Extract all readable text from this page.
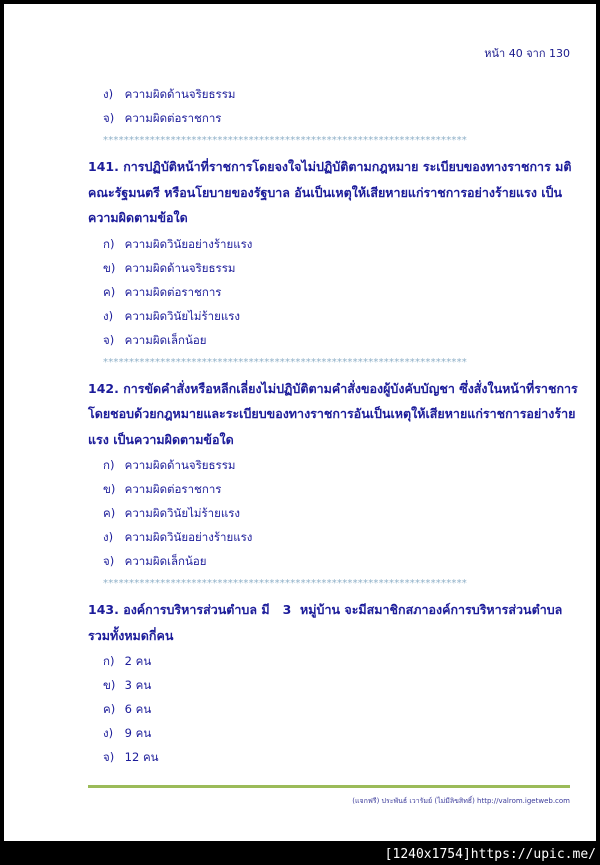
หน้า 40 จาก 130
ง) ความผิดด้านจริยธรรม
จ) ความผิดต่อราชการ
**********************************************************************
141. การปฏิบัติหน้าที่ราชการโดยจงใจไม่ปฏิบัติตามกฎหมาย ระเบียบของทางราชการ มติคณะรัฐมนตรี หรือนโยบายของรัฐบาล อันเป็นเหตุให้เสียหายแก่ราชการอย่างร้ายแรง เป็นความผิดตามข้อใด
ก) ความผิดวินัยอย่างร้ายแรง
ข) ความผิดด้านจริยธรรม
ค) ความผิดต่อราชการ
ง) ความผิดวินัยไม่ร้ายแรง
จ) ความผิดเล็กน้อย
**********************************************************************
142. การขัดคำสั่งหรือหลีกเลี่ยงไม่ปฏิบัติตามคำสั่งของผู้บังคับบัญชา ซึ่งสั่งในหน้าที่ราชการโดยชอบด้วยกฎหมายและระเบียบของทางราชการอันเป็นเหตุให้เสียหายแก่ราชการอย่างร้ายแรง เป็นความผิดตามข้อใด
ก) ความผิดด้านจริยธรรม
ข) ความผิดต่อราชการ
ค) ความผิดวินัยไม่ร้ายแรง
ง) ความผิดวินัยอย่างร้ายแรง
จ) ความผิดเล็กน้อย
**********************************************************************
143. องค์การบริหารส่วนตำบล มี   3  หมู่บ้าน จะมีสมาชิกสภาองค์การบริหารส่วนตำบล รวมทั้งหมดกี่คน
ก) 2 คน
ข) 3 คน
ค) 6 คน
ง) 9 คน
จ) 12 คน
(แจกฟรี) ประพันธ์ เวารัมย์ (ไม่มีลิขสิทธิ์) http://valrom.igetweb.com
[1240x1754]https://upic.me/
